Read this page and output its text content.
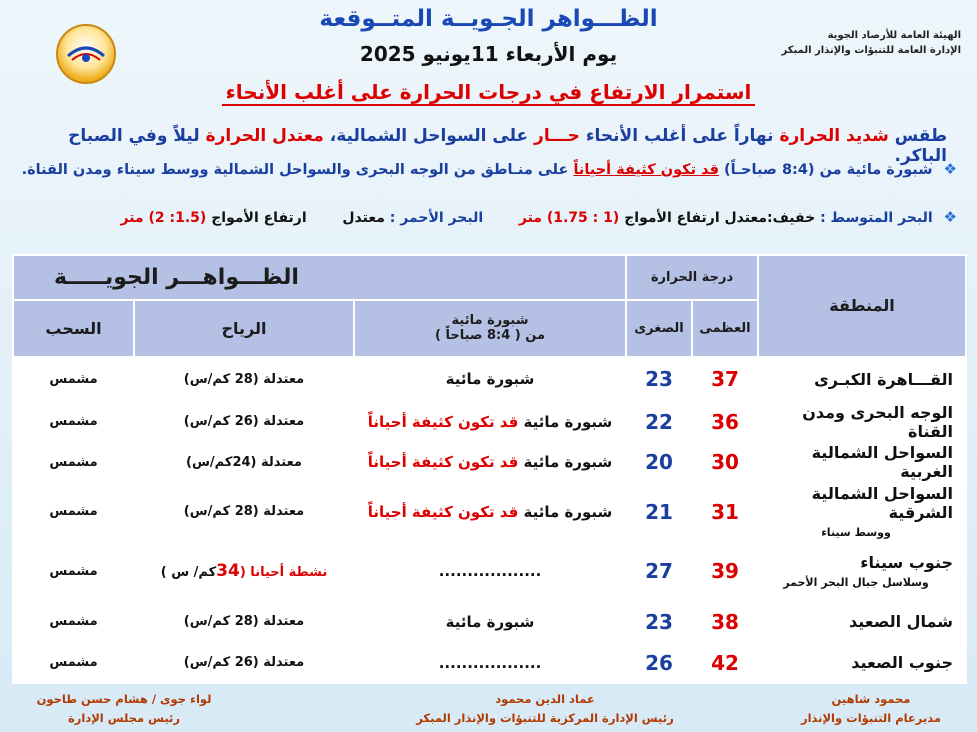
الهيئة العامة للأرصاد الجوية
الإدارة العامة للتنبؤات والإنذار المبكر
الظـــواهر الجـويــة المتــوقعة
يوم الأربعاء 11يونيو 2025
استمرار الارتفاع في درجات الحرارة على أغلب الأنحاء
طقس شديد الحرارة نهاراً على أغلب الأنحاء حـــار على السواحل الشمالية، معتدل الحرارة ليلاً وفي الصباح الباكر.
❖ شبورة مائية من (8:4 صباحـاً) قد تكون كثيفة أحياناً على منـاطق من الوجه البحرى والسواحل الشمالية ووسط سيناء ومدن القناة.
❖ البحر المتوسط : خفيف:معتدل ارتفاع الأمواج (1 : 1.75) متر  البحر الأحمر : معتدل  ارتفاع الأمواج (1.5: 2) متر
المنطقة	درجة الحرارة		الظـــواهـــر الجويـــــة		
	العظمى	الصغرى	شبورة مائية
من ( 8:4 صباحاً )	الرياح	السحب
القـــاهرة الكبـرى	37	23	شبورة مائية	معتدلة (28 كم/س)	مشمس
الوجه البحرى ومدن القناة	36	22	شبورة مائية قد تكون كثيفة أحياناً	معتدلة (26 كم/س)	مشمس
السواحل الشمالية الغربية	30	20	شبورة مائية قد تكون كثيفة أحياناً	معتدلة (24كم/س)	مشمس
السواحل الشمالية الشرقية
ووسط سيناء	31	21	شبورة مائية قد تكون كثيفة أحياناً	معتدلة (28 كم/س)	مشمس
جنوب سيناء
وسلاسل جبال البحر الأحمر	39	27	..................	نشطة أحيانا (34كم/ س )	مشمس
شمال الصعيد	38	23	شبورة مائية	معتدلة (28 كم/س)	مشمس
جنوب الصعيد	42	26	..................	معتدلة (26 كم/س)	مشمس
محمود شاهين
مديرعام التنبؤات والإنذار
عماد الدين محمود
رئيس الإدارة المركزية للتنبؤات والإنذار المبكر
لواء جوى / هشام حسن طاحون
رئيس مجلس الإدارة
